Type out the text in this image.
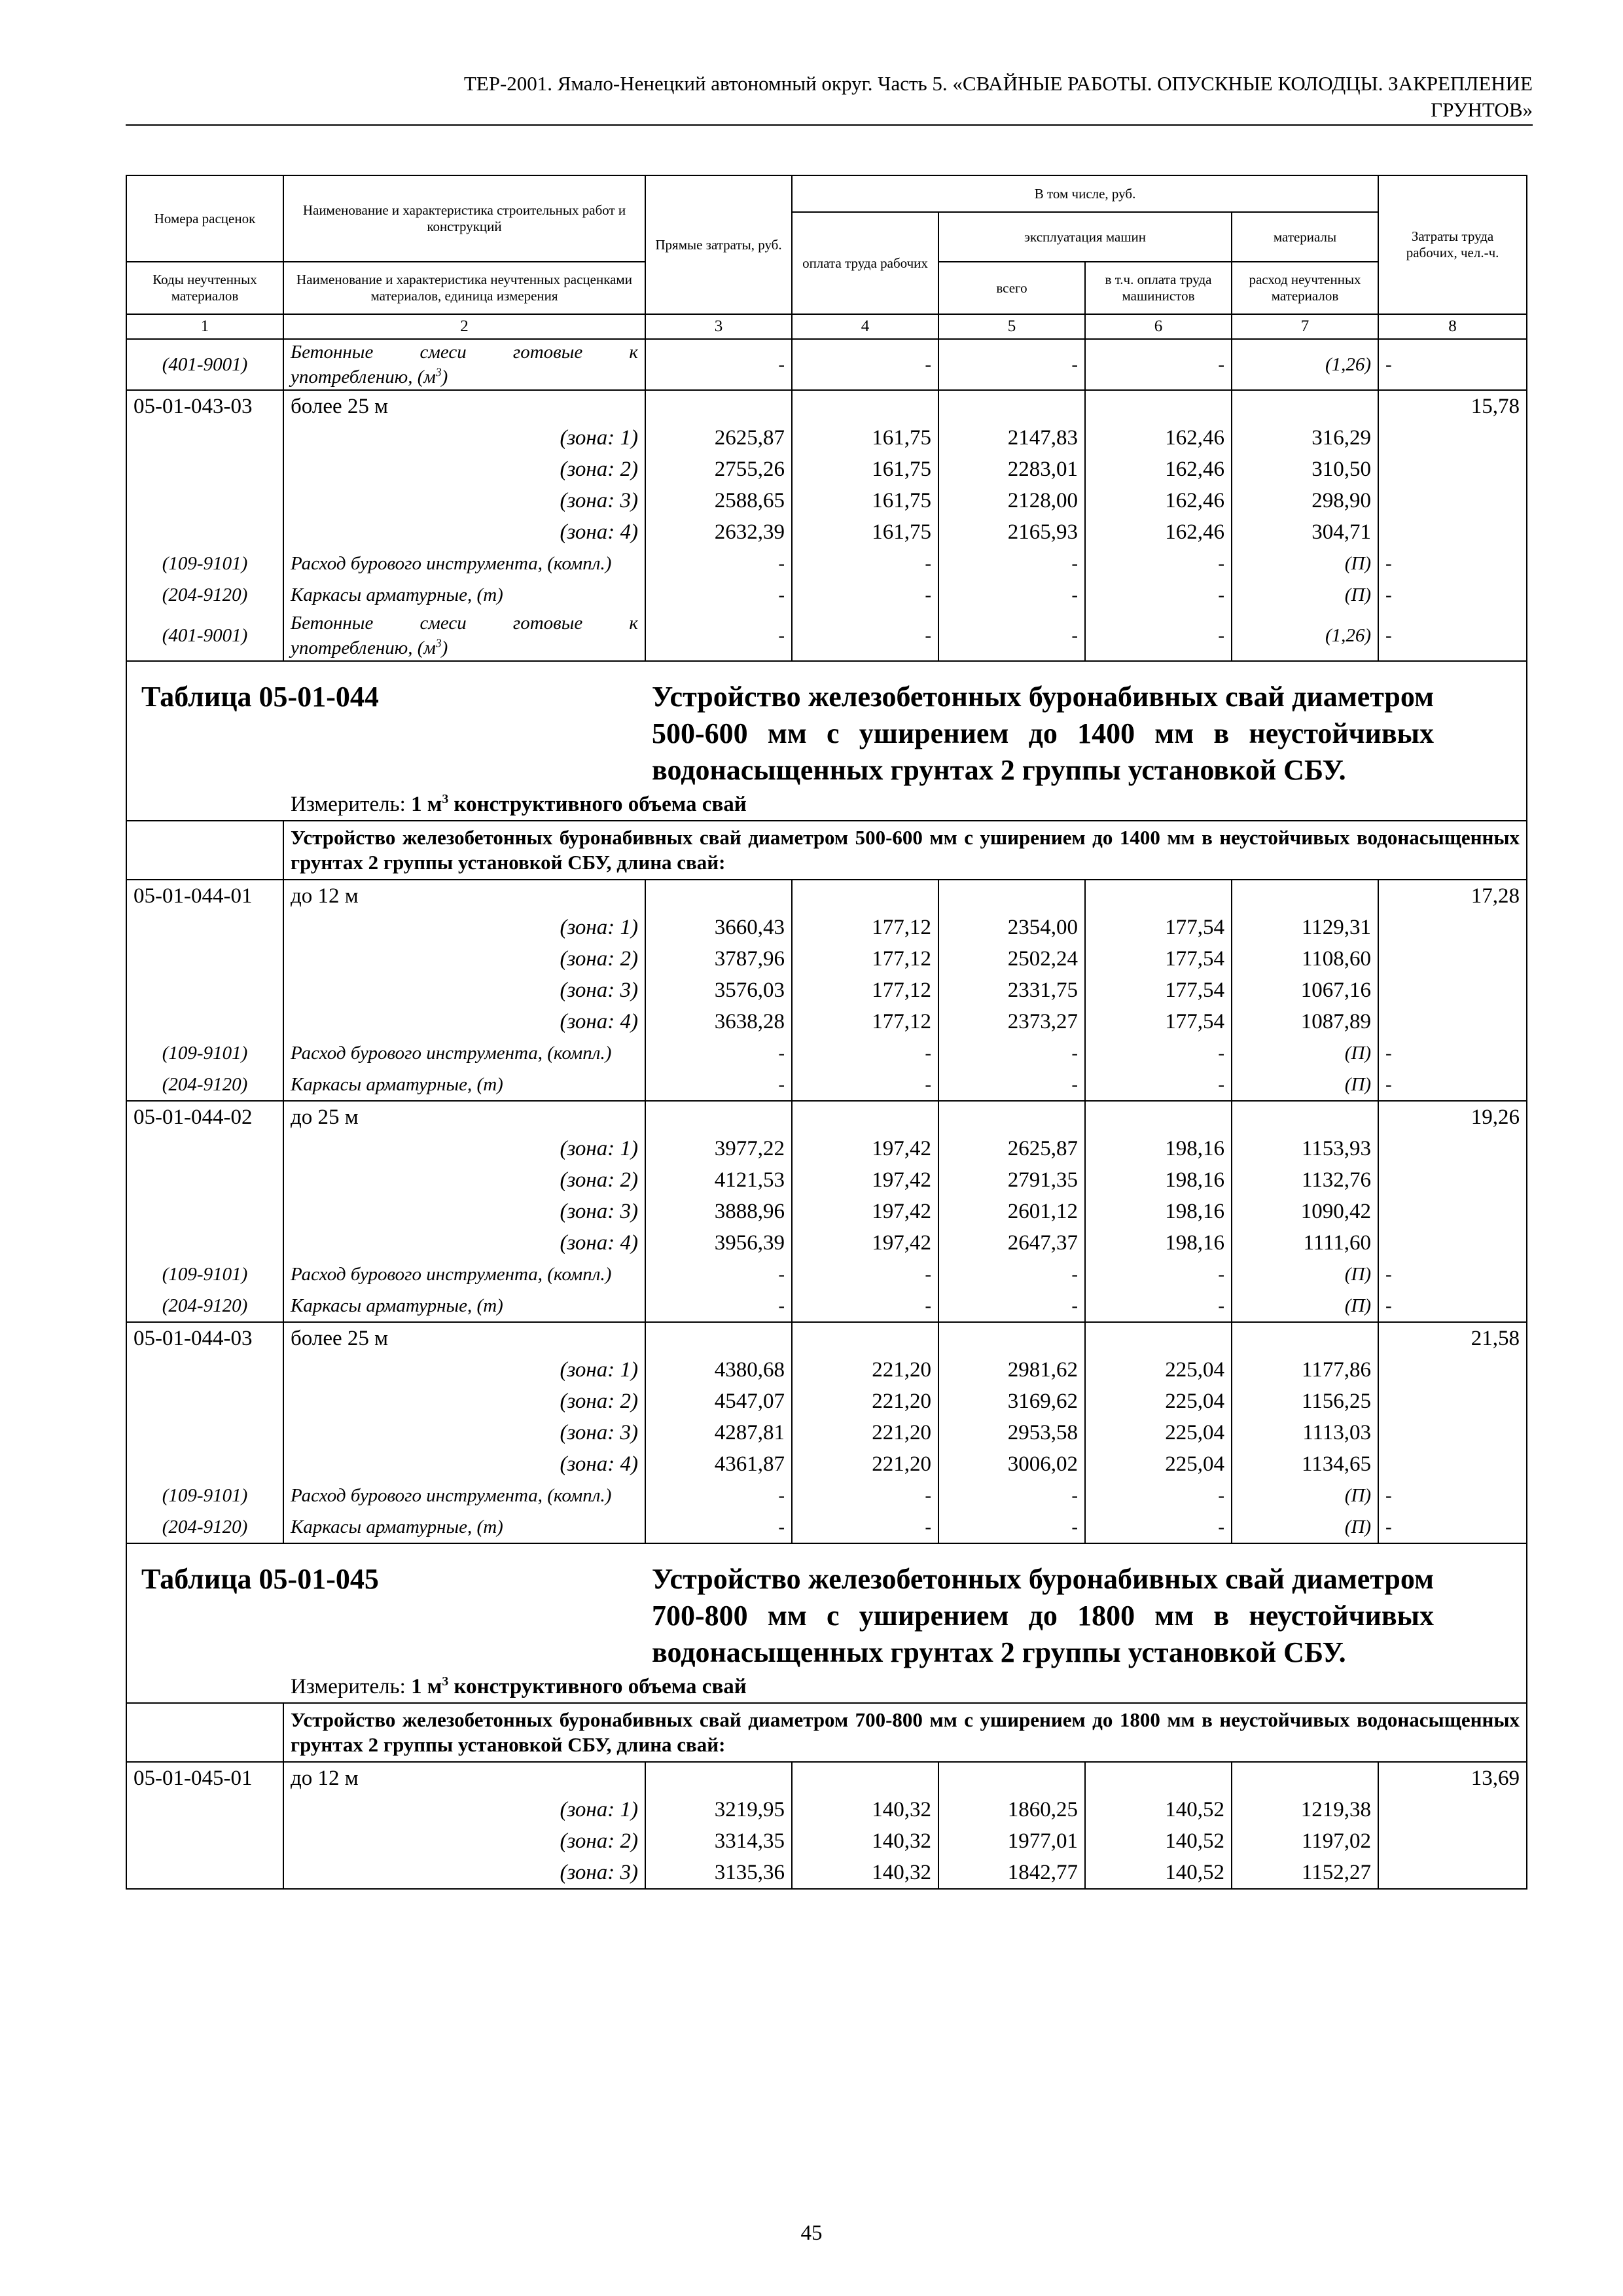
ТЕР-2001. Ямало-Ненецкий автономный округ. Часть 5. «СВАЙНЫЕ РАБОТЫ. ОПУСКНЫЕ КОЛОДЦЫ. ЗАКРЕПЛЕНИЕ
ГРУНТОВ»
Номера расценок	Наименование и характеристика строительных работ и конструкций	Прямые затраты, руб.	В том числе, руб.				Затраты труда рабочих, чел.-ч.
			оплата труда рабочих	эксплуатация машин		материалы	
Коды неучтенных материалов	Наименование и характеристика неучтенных расценками материалов, единица измерения			всего	в т.ч. оплата труда машинистов	расход неучтенных материалов	
1	2	3	4	5	6	7	8
(401-9001)	Бетонные смеси готовые к употреблению, $(м^3)$	-	-	-	-	(1,26)	-
05-01-043-03	более 25 м						15,78
	(зона: 1)	2625,87	161,75	2147,83	162,46	316,29	
	(зона: 2)	2755,26	161,75	2283,01	162,46	310,50	
	(зона: 3)	2588,65	161,75	2128,00	162,46	298,90	
	(зона: 4)	2632,39	161,75	2165,93	162,46	304,71	
(109-9101)	Расход бурового инструмента, (компл.)	-	-	-	-	(П)	-
(204-9120)	Каркасы арматурные, (т)	-	-	-	-	(П)	-
(401-9001)	Бетонные смеси готовые к употреблению, $(м^3)$	-	-	-	-	(1,26)	-

Таблица 05-01-044 Устройство железобетонных буронабивных свай диаметром 500-600 мм с уширением до 1400 мм в неустойчивых водонасыщенных грунтах 2 группы установкой СБУ.
Измеритель: 1 $м^3$ конструктивного объема свай							

	Устройство железобетонных буронабивных свай диаметром 500-600 мм с уширением до 1400 мм в неустойчивых водонасыщенных грунтах 2 группы установкой СБУ, длина свай:						
05-01-044-01	до 12 м						17,28
	(зона: 1)	3660,43	177,12	2354,00	177,54	1129,31	
	(зона: 2)	3787,96	177,12	2502,24	177,54	1108,60	
	(зона: 3)	3576,03	177,12	2331,75	177,54	1067,16	
	(зона: 4)	3638,28	177,12	2373,27	177,54	1087,89	
(109-9101)	Расход бурового инструмента, (компл.)	-	-	-	-	(П)	-
(204-9120)	Каркасы арматурные, (т)	-	-	-	-	(П)	-
05-01-044-02	до 25 м						19,26
	(зона: 1)	3977,22	197,42	2625,87	198,16	1153,93	
	(зона: 2)	4121,53	197,42	2791,35	198,16	1132,76	
	(зона: 3)	3888,96	197,42	2601,12	198,16	1090,42	
	(зона: 4)	3956,39	197,42	2647,37	198,16	1111,60	
(109-9101)	Расход бурового инструмента, (компл.)	-	-	-	-	(П)	-
(204-9120)	Каркасы арматурные, (т)	-	-	-	-	(П)	-
05-01-044-03	более 25 м						21,58
	(зона: 1)	4380,68	221,20	2981,62	225,04	1177,86	
	(зона: 2)	4547,07	221,20	3169,62	225,04	1156,25	
	(зона: 3)	4287,81	221,20	2953,58	225,04	1113,03	
	(зона: 4)	4361,87	221,20	3006,02	225,04	1134,65	
(109-9101)	Расход бурового инструмента, (компл.)	-	-	-	-	(П)	-
(204-9120)	Каркасы арматурные, (т)	-	-	-	-	(П)	-

Таблица 05-01-045 Устройство железобетонных буронабивных свай диаметром 700-800 мм с уширением до 1800 мм в неустойчивых водонасыщенных грунтах 2 группы установкой СБУ.
Измеритель: 1 $м^3$ конструктивного объема свай							

	Устройство железобетонных буронабивных свай диаметром 700-800 мм с уширением до 1800 мм в неустойчивых водонасыщенных грунтах 2 группы установкой СБУ, длина свай:						
05-01-045-01	до 12 м						13,69
	(зона: 1)	3219,95	140,32	1860,25	140,52	1219,38	
	(зона: 2)	3314,35	140,32	1977,01	140,52	1197,02	
	(зона: 3)	3135,36	140,32	1842,77	140,52	1152,27	
45
